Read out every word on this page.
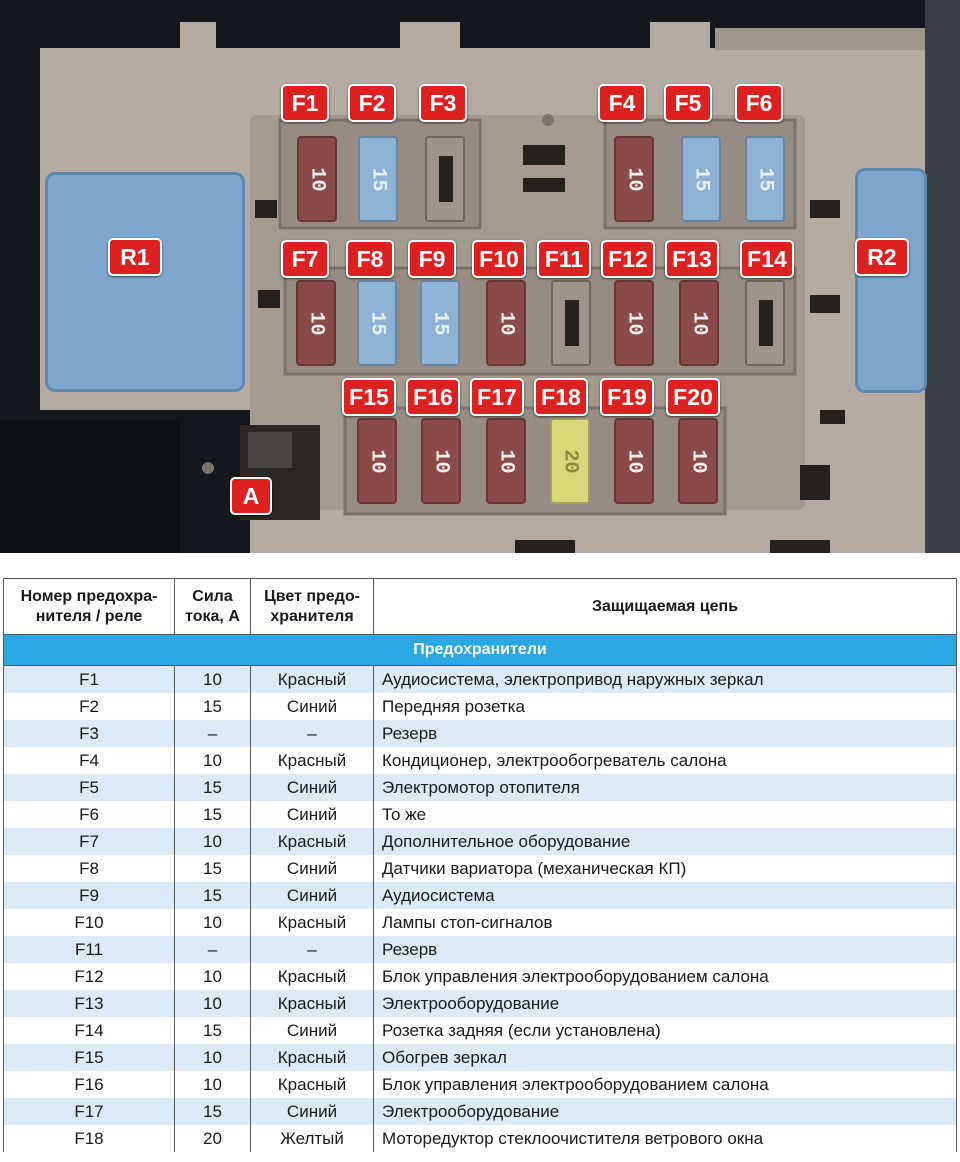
10 15	10 15 15
10 15 15 10	10 10
10 10 10 20 10 10
F1	F2	F3	F4	F5	F6
F7	F8	F9	F10	F11	F12	F13	F14
F15	F16	F17	F18	F19	F20
R1	R2
A
Номер предохра-нителя / реле	Сила тока, А	Цвет предо-хранителя	Защищаемая цепь
Предохранители			
F1	10	Красный	Аудиосистема, электропривод наружных зеркал
F2	15	Синий	Передняя розетка
F3	–	–	Резерв
F4	10	Красный	Кондиционер, электрообогреватель салона
F5	15	Синий	Электромотор отопителя
F6	15	Синий	То же
F7	10	Красный	Дополнительное оборудование
F8	15	Синий	Датчики вариатора (механическая КП)
F9	15	Синий	Аудиосистема
F10	10	Красный	Лампы стоп-сигналов
F11	–	–	Резерв
F12	10	Красный	Блок управления электрооборудованием салона
F13	10	Красный	Электрооборудование
F14	15	Синий	Розетка задняя (если установлена)
F15	10	Красный	Обогрев зеркал
F16	10	Красный	Блок управления электрооборудованием салона
F17	15	Синий	Электрооборудование
F18	20	Желтый	Моторедуктор стеклоочистителя ветрового окна
